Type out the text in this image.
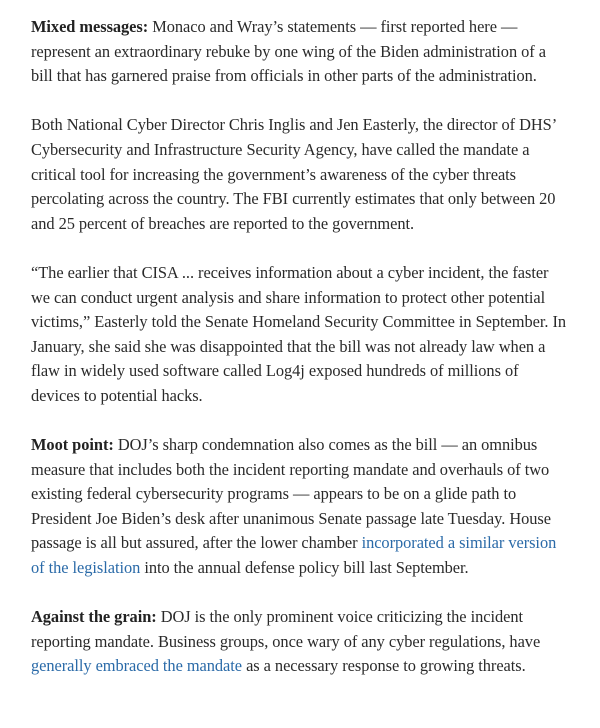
Mixed messages: Monaco and Wray’s statements — first reported here — represent an extraordinary rebuke by one wing of the Biden administration of a bill that has garnered praise from officials in other parts of the administration.

Both National Cyber Director Chris Inglis and Jen Easterly, the director of DHS’ Cybersecurity and Infrastructure Security Agency, have called the mandate a critical tool for increasing the government’s awareness of the cyber threats percolating across the country. The FBI currently estimates that only between 20 and 25 percent of breaches are reported to the government.

“The earlier that CISA ... receives information about a cyber incident, the faster we can conduct urgent analysis and share information to protect other potential victims,” Easterly told the Senate Homeland Security Committee in September. In January, she said she was disappointed that the bill was not already law when a flaw in widely used software called Log4j exposed hundreds of millions of devices to potential hacks.

Moot point: DOJ’s sharp condemnation also comes as the bill — an omnibus measure that includes both the incident reporting mandate and overhauls of two existing federal cybersecurity programs — appears to be on a glide path to President Joe Biden’s desk after unanimous Senate passage late Tuesday. House passage is all but assured, after the lower chamber incorporated a similar version of the legislation into the annual defense policy bill last September.

Against the grain: DOJ is the only prominent voice criticizing the incident reporting mandate. Business groups, once wary of any cyber regulations, have generally embraced the mandate as a necessary response to growing threats.
